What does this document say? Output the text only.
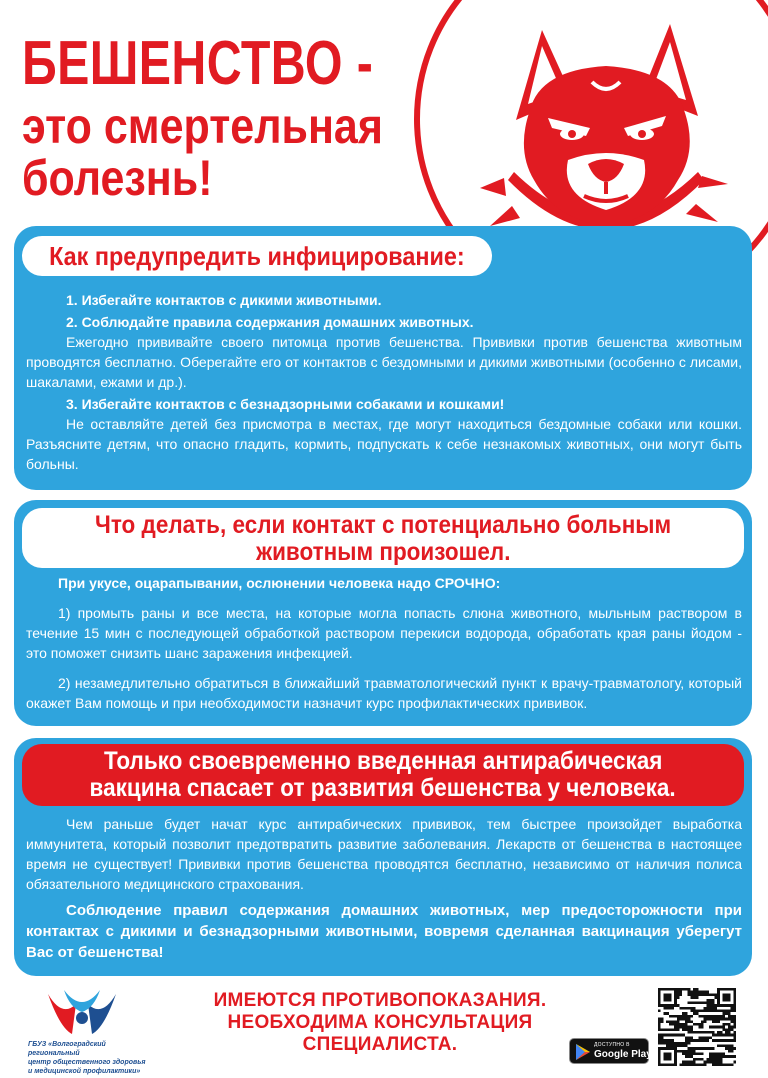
БЕШЕНСТВО -
это смертельная
болезнь!
Как предупредить инфицирование:

1. Избегайте контактов с дикими животными.

2. Соблюдайте правила содержания домашних животных.

Ежегодно прививайте своего питомца против бешенства. Прививки против бешенства животным проводятся бесплатно. Оберегайте его от контактов с бездомными и дикими животными (особенно с лисами, шакалами, ежами и др.).

3. Избегайте контактов с безнадзорными собаками и кошками!

Не оставляйте детей без присмотра в местах, где могут находиться бездомные собаки или кошки. Разъясните детям, что опасно гладить, кормить, подпускать к себе незнакомых животных, они могут быть больны.

Что делать, если контакт с потенциально больным
животным произошел.

При укусе, оцарапывании, ослюнении человека надо СРОЧНО:

1) промыть раны и все места, на которые могла попасть слюна животного, мыльным раствором в течение 15 мин с последующей обработкой раствором перекиси водорода, обработать края раны йодом - это поможет снизить шанс заражения инфекцией.

2) незамедлительно обратиться в ближайший травматологический пункт к врачу-травматологу, который окажет Вам помощь и при необходимости назначит курс профилактических прививок.

Только своевременно введенная антирабическая
вакцина спасает от развития бешенства у человека.

Чем раньше будет начат курс антирабических прививок, тем быстрее произойдет выработка иммунитета, который позволит предотвратить развитие заболевания. Лекарств от бешенства в настоящее время не существует! Прививки против бешенства проводятся бесплатно, независимо от наличия полиса обязательного медицинского страхования.

Соблюдение правил содержания домашних животных, мер предосторожности при контактах с дикими и безнадзорными животными, вовремя сделанная вакцинация уберегут Вас от бешенства!

ГБУЗ «Волгоградский региональный
центр общественного здоровья
и медицинской профилактики»
ИМЕЮТСЯ ПРОТИВОПОКАЗАНИЯ.
НЕОБХОДИМА КОНСУЛЬТАЦИЯ СПЕЦИАЛИСТА.	ДОСТУПНО В
Google Play
